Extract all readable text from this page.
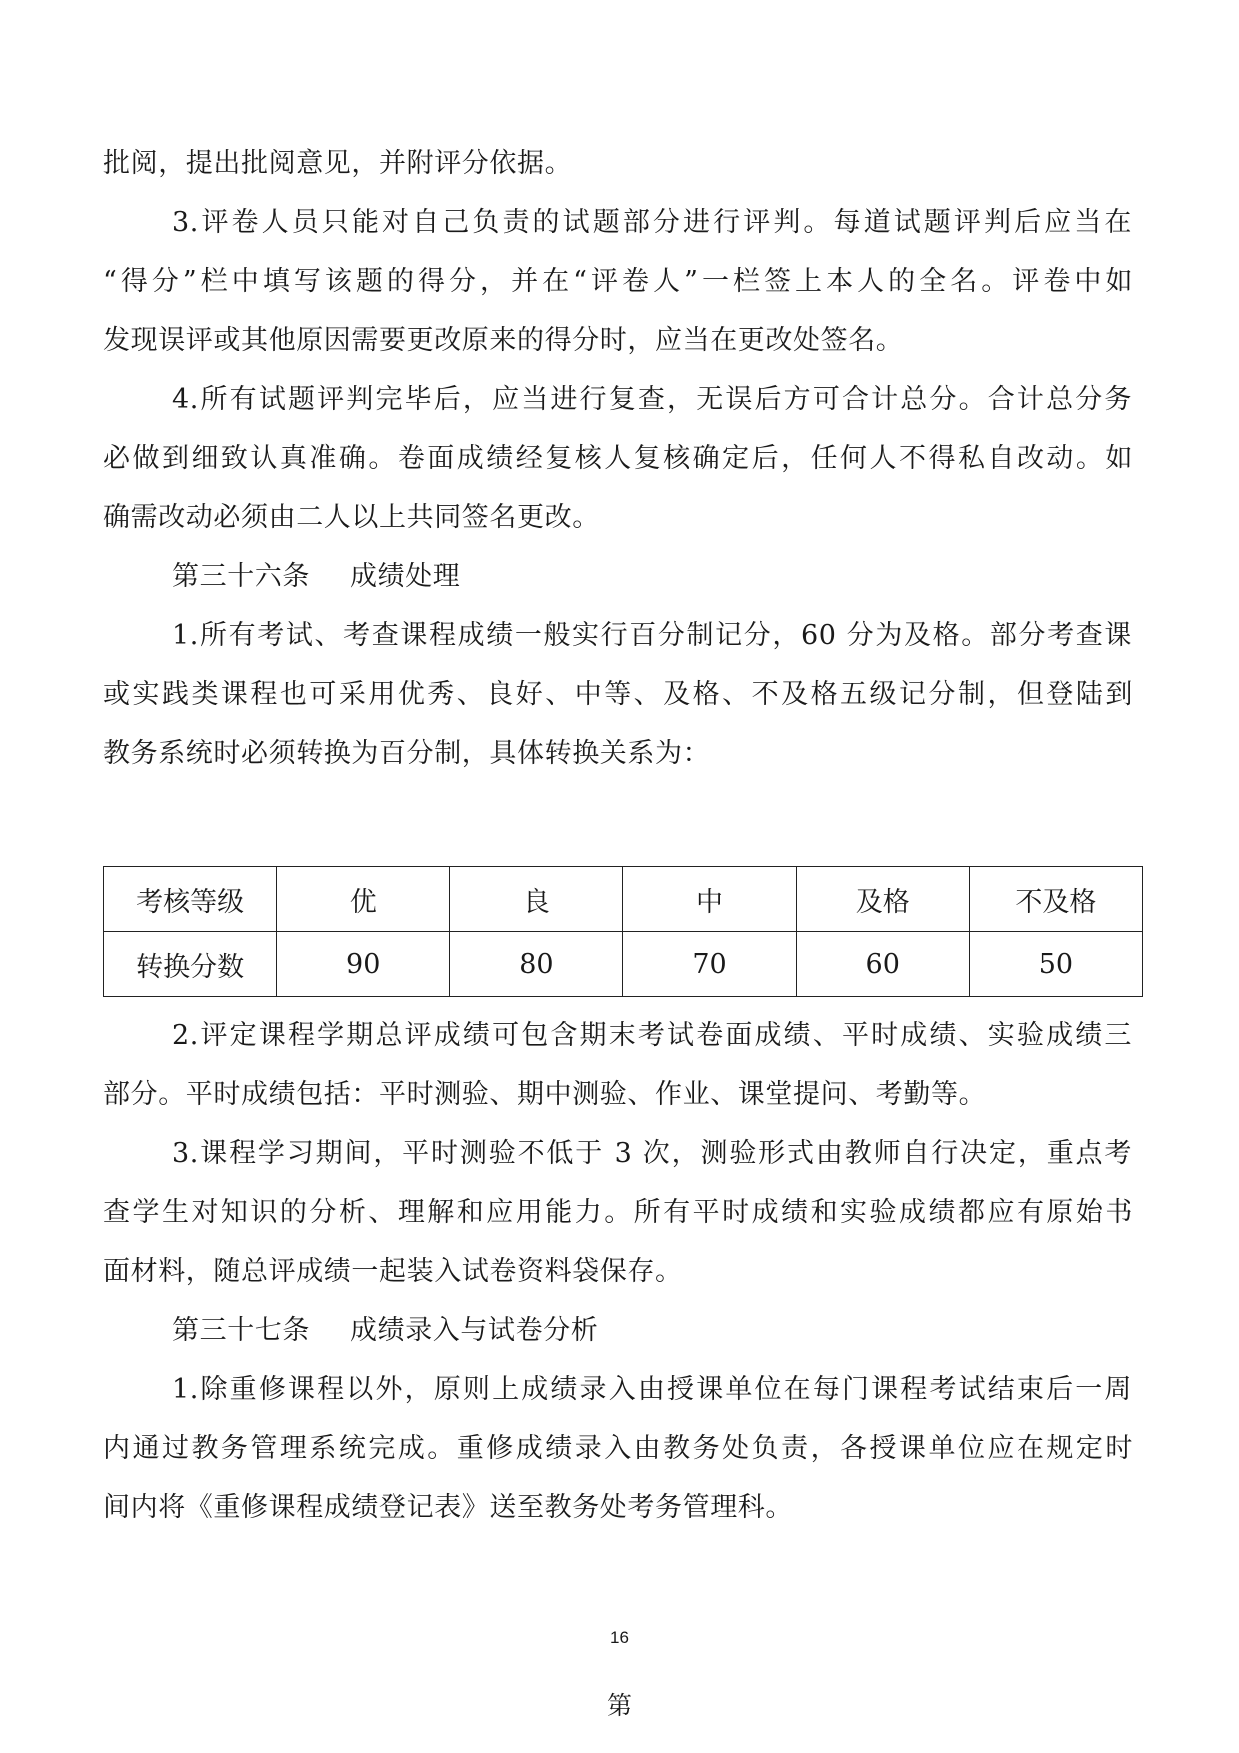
批阅，提出批阅意见，并附评分依据。
3.评卷人员只能对自己负责的试题部分进行评判。每道试题评判后应当在
“得分”栏中填写该题的得分，并在“评卷人”一栏签上本人的全名。评卷中如
发现误评或其他原因需要更改原来的得分时，应当在更改处签名。
4.所有试题评判完毕后，应当进行复查，无误后方可合计总分。合计总分务
必做到细致认真准确。卷面成绩经复核人复核确定后，任何人不得私自改动。如
确需改动必须由二人以上共同签名更改。
第三十六条 成绩处理
1.所有考试、考查课程成绩一般实行百分制记分，60 分为及格。部分考查课
或实践类课程也可采用优秀、良好、中等、及格、不及格五级记分制，但登陆到
教务系统时必须转换为百分制，具体转换关系为：
考核等级	优	良	中	及格	不及格
转换分数	90	80	70	60	50
2.评定课程学期总评成绩可包含期末考试卷面成绩、平时成绩、实验成绩三
部分。平时成绩包括：平时测验、期中测验、作业、课堂提问、考勤等。
3.课程学习期间，平时测验不低于 3 次，测验形式由教师自行决定，重点考
查学生对知识的分析、理解和应用能力。所有平时成绩和实验成绩都应有原始书
面材料，随总评成绩一起装入试卷资料袋保存。
第三十七条 成绩录入与试卷分析
1.除重修课程以外，原则上成绩录入由授课单位在每门课程考试结束后一周
内通过教务管理系统完成。重修成绩录入由教务处负责，各授课单位应在规定时
间内将《重修课程成绩登记表》送至教务处考务管理科。
16
第
